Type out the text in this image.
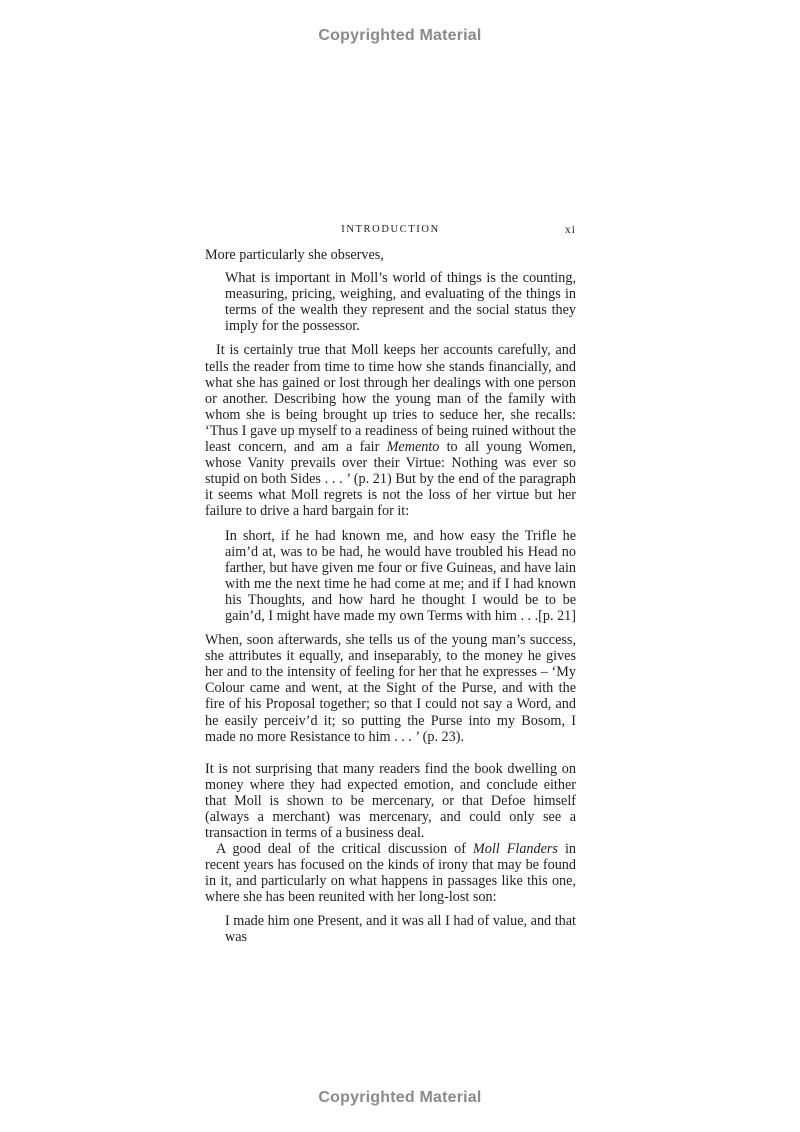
Copyrighted Material
INTRODUCTION	xi

More particularly she observes,

What is important in Moll’s world of things is the counting, measuring, pricing, weighing, and evaluating of the things in terms of the wealth they represent and the social status they imply for the possessor.

It is certainly true that Moll keeps her accounts carefully, and tells the reader from time to time how she stands financially, and what she has gained or lost through her dealings with one person or another. Describing how the young man of the family with whom she is being brought up tries to seduce her, she recalls: ‘Thus I gave up myself to a readiness of being ruined without the least concern, and am a fair Memento to all young Women, whose Vanity prevails over their Virtue: Nothing was ever so stupid on both Sides . . . ’ (p. 21) But by the end of the paragraph it seems what Moll regrets is not the loss of her virtue but her failure to drive a hard bargain for it:

In short, if he had known me, and how easy the Trifle he aim’d at, was to be had, he would have troubled his Head no farther, but have given me four or five Guineas, and have lain with me the next time he had come at me; and if I had known his Thoughts, and how hard he thought I would be to be gain’d, I might have made my own Terms with him . . . [p. 21]

When, soon afterwards, she tells us of the young man’s success, she attributes it equally, and inseparably, to the money he gives her and to the intensity of feeling for her that he expresses – ‘My Colour came and went, at the Sight of the Purse, and with the fire of his Proposal together; so that I could not say a Word, and he easily perceiv’d it; so putting the Purse into my Bosom, I made no more Resistance to him . . . ’ (p. 23).

It is not surprising that many readers find the book dwelling on money where they had expected emotion, and conclude either that Moll is shown to be mercenary, or that Defoe himself (always a merchant) was mercenary, and could only see a transaction in terms of a business deal.

A good deal of the critical discussion of Moll Flanders in recent years has focused on the kinds of irony that may be found in it, and particularly on what happens in passages like this one, where she has been reunited with her long-lost son:

I made him one Present, and it was all I had of value, and that was
Copyrighted Material
